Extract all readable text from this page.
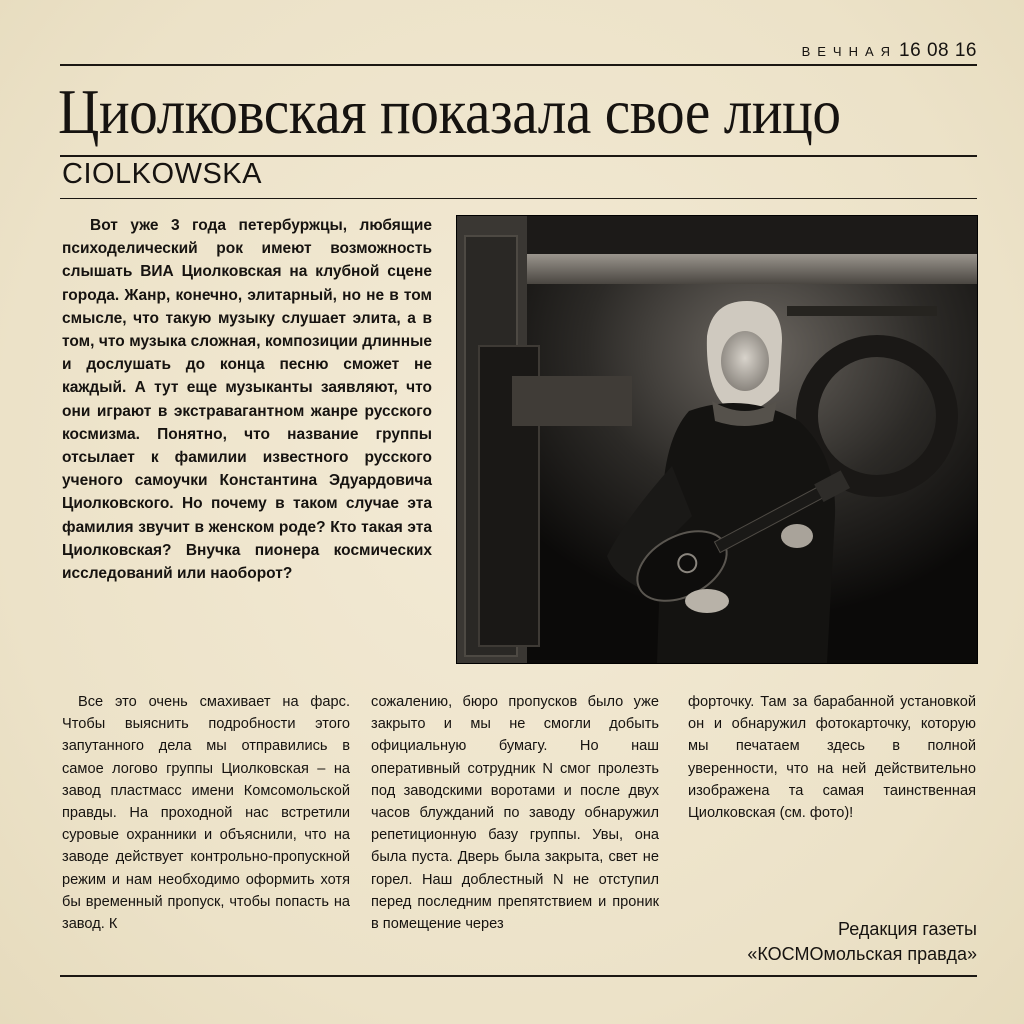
ВЕЧНАЯ 16 08 16
Циолковская показала свое лицо
CIOLKOWSKA
Вот уже 3 года петербуржцы, любящие психоделический рок имеют возможность слышать ВИА Циолковская на клубной сцене города. Жанр, конечно, элитарный, но не в том смысле, что такую музыку слушает элита, а в том, что музыка сложная, композиции длинные и дослушать до конца песню сможет не каждый. А тут еще музыканты заявляют, что они играют в экстравагантном жанре русского космизма. Понятно, что название группы отсылает к фамилии известного русского ученого самоучки Константина Эдуардовича Циолковского. Но почему в таком случае эта фамилия звучит в женском роде? Кто такая эта Циолковская? Внучка пионера космических исследований или наоборот?
Все это очень смахивает на фарс. Чтобы выяснить подробности этого запутанного дела мы отправились в самое логово группы Циолковская – на завод пластмасс имени Комсомольской правды. На проходной нас встретили суровые охранники и объяснили, что на заводе действует контрольно-пропускной режим и нам необходимо оформить хотя бы временный пропуск, чтобы попасть на завод. К
сожалению, бюро пропусков было уже закрыто и мы не смогли добыть официальную бумагу. Но наш оперативный сотрудник N смог пролезть под заводскими воротами и после двух часов блужданий по заводу обнаружил репетиционную базу группы. Увы, она была пуста. Дверь была закрыта, свет не горел. Наш доблестный N не отступил перед последним препятствием и проник в помещение через
форточку. Там за барабанной установкой он и обнаружил фотокарточку, которую мы печатаем здесь в полной уверенности, что на ней действительно изображена та самая таинственная Циолковская (см. фото)!
Редакция газеты
«КОСМОмольская правда»
